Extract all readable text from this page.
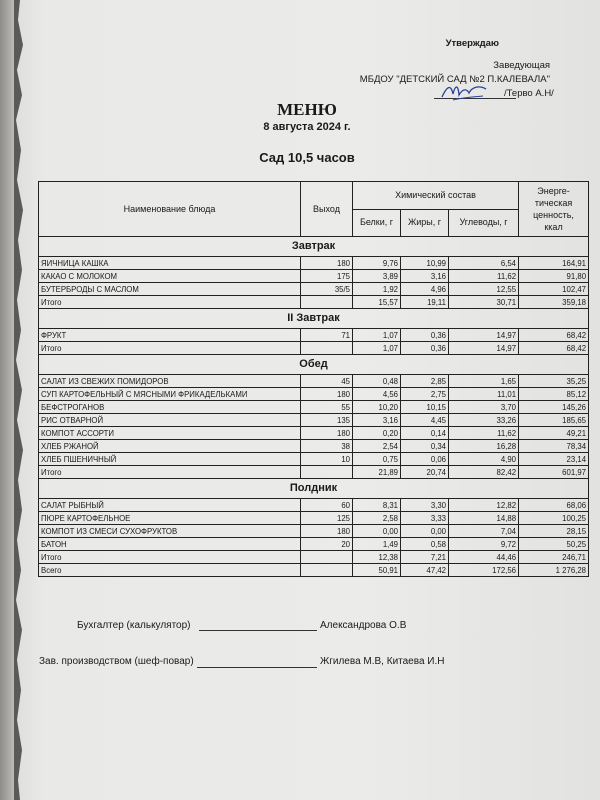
Утверждаю
Заведующая
МБДОУ "ДЕТСКИЙ САД №2 П.КАЛЕВАЛА"
/Терво А.Н/
МЕНЮ
8 августа 2024 г.
Сад 10,5 часов
Наименование блюда	Выход	Химический состав			Энерге-
тическая
ценность,
ккал
		Белки, г	Жиры, г	Углеводы, г	
Завтрак					
ЯИЧНИЦА КАШКА	180	9,76	10,99	6,54	164,91
КАКАО С МОЛОКОМ	175	3,89	3,16	11,62	91,80
БУТЕРБРОДЫ С МАСЛОМ	35/5	1,92	4,96	12,55	102,47
Итого		15,57	19,11	30,71	359,18
II Завтрак					
ФРУКТ	71	1,07	0,36	14,97	68,42
Итого		1,07	0,36	14,97	68,42
Обед					
САЛАТ ИЗ СВЕЖИХ ПОМИДОРОВ	45	0,48	2,85	1,65	35,25
СУП КАРТОФЕЛЬНЫЙ С МЯСНЫМИ ФРИКАДЕЛЬКАМИ	180	4,56	2,75	11,01	85,12
БЕФСТРОГАНОВ	55	10,20	10,15	3,70	145,26
РИС ОТВАРНОЙ	135	3,16	4,45	33,26	185,65
КОМПОТ АССОРТИ	180	0,20	0,14	11,62	49,21
ХЛЕБ РЖАНОЙ	38	2,54	0,34	16,28	78,34
ХЛЕБ ПШЕНИЧНЫЙ	10	0,75	0,06	4,90	23,14
Итого		21,89	20,74	82,42	601,97
Полдник					
САЛАТ РЫБНЫЙ	60	8,31	3,30	12,82	68,06
ПЮРЕ КАРТОФЕЛЬНОЕ	125	2,58	3,33	14,88	100,25
КОМПОТ ИЗ СМЕСИ СУХОФРУКТОВ	180	0,00	0,00	7,04	28,15
БАТОН	20	1,49	0,58	9,72	50,25
Итого		12,38	7,21	44,46	246,71
Всего		50,91	47,42	172,56	1 276,28
Бухгалтер (калькулятор)	Александрова О.В
Зав. производством (шеф-повар)	Жгилева М.В, Китаева И.Н
